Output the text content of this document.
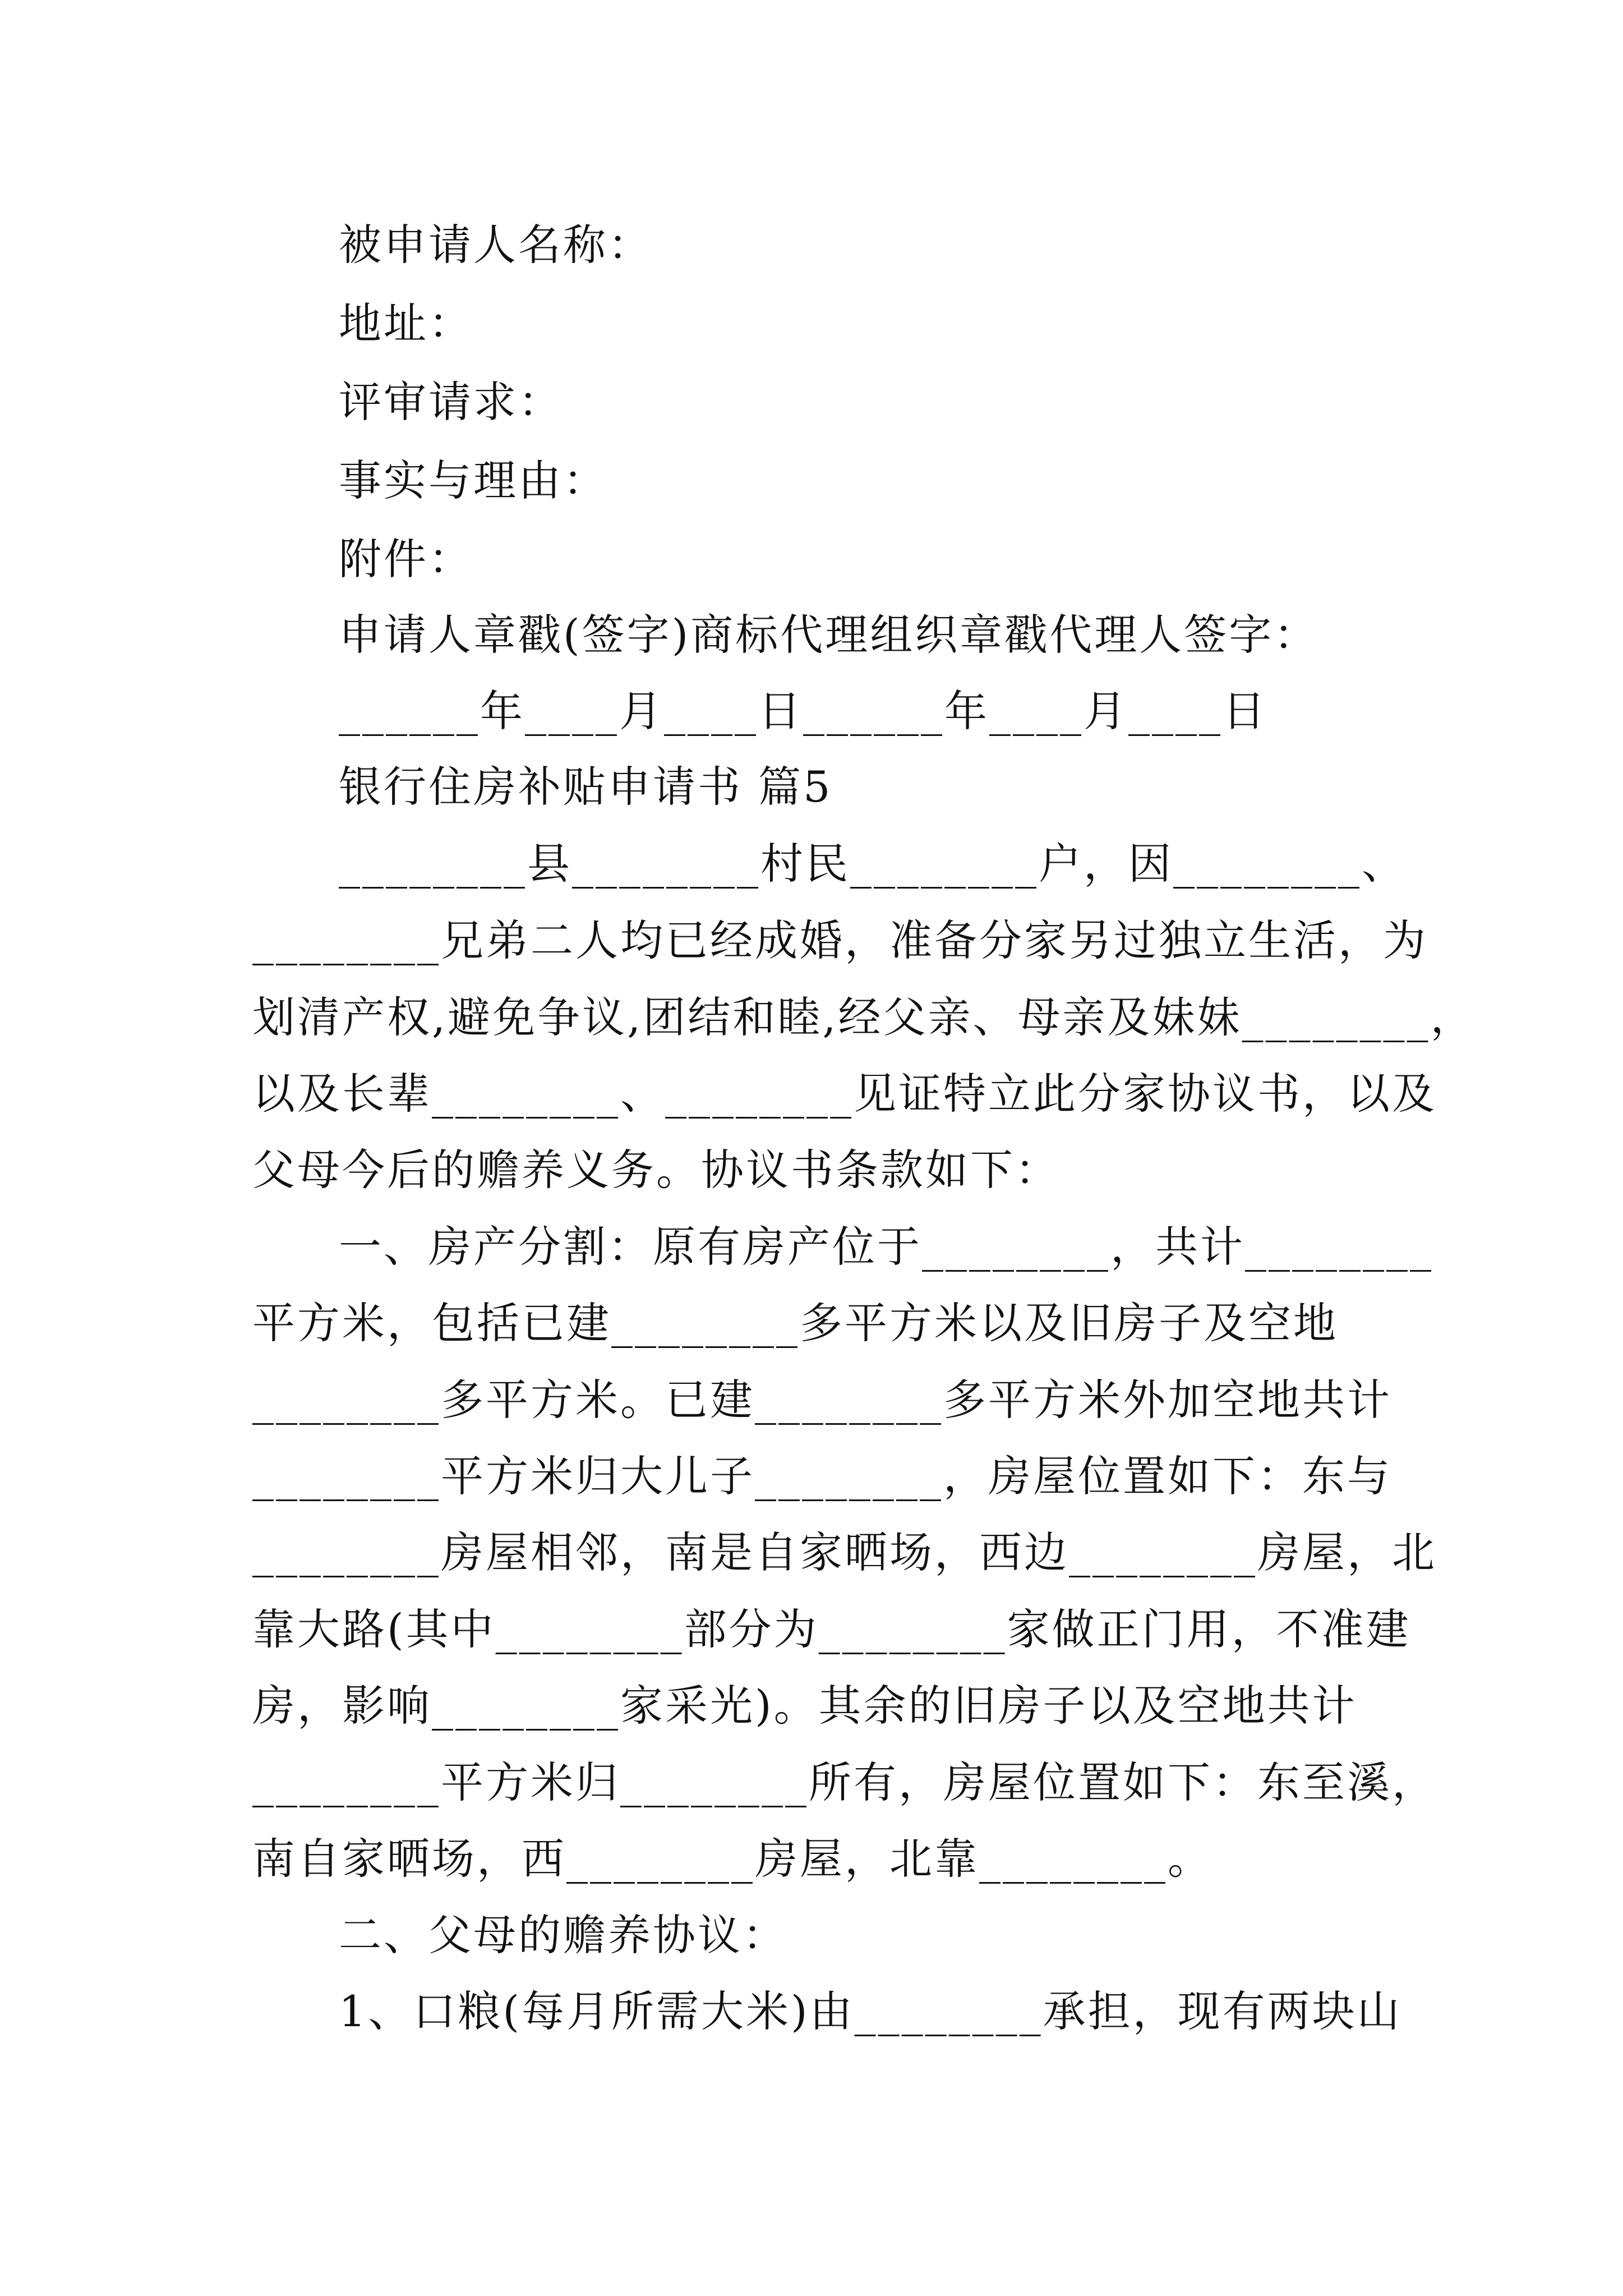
被申请人名称：
地址：
评审请求：
事实与理由：
附件：
申请人章戳(签字)商标代理组织章戳代理人签字：
______年____月____日______年____月____日
银行住房补贴申请书 篇5
________县________村民________户，因________、
________兄弟二人均已经成婚，准备分家另过独立生活，为
划清产权,避免争议,团结和睦,经父亲、母亲及妹妹________，
以及长辈________、________见证特立此分家协议书，以及
父母今后的赡养义务。协议书条款如下：
一、房产分割：原有房产位于________，共计________
平方米，包括已建________多平方米以及旧房子及空地
________多平方米。已建________多平方米外加空地共计
________平方米归大儿子________，房屋位置如下：东与
________房屋相邻，南是自家晒场，西边________房屋，北
靠大路(其中________部分为________家做正门用，不准建
房，影响________家采光)。其余的旧房子以及空地共计
________平方米归________所有，房屋位置如下：东至溪，
南自家晒场，西________房屋，北靠________。
二、父母的赡养协议：
1、口粮(每月所需大米)由________承担，现有两块山
